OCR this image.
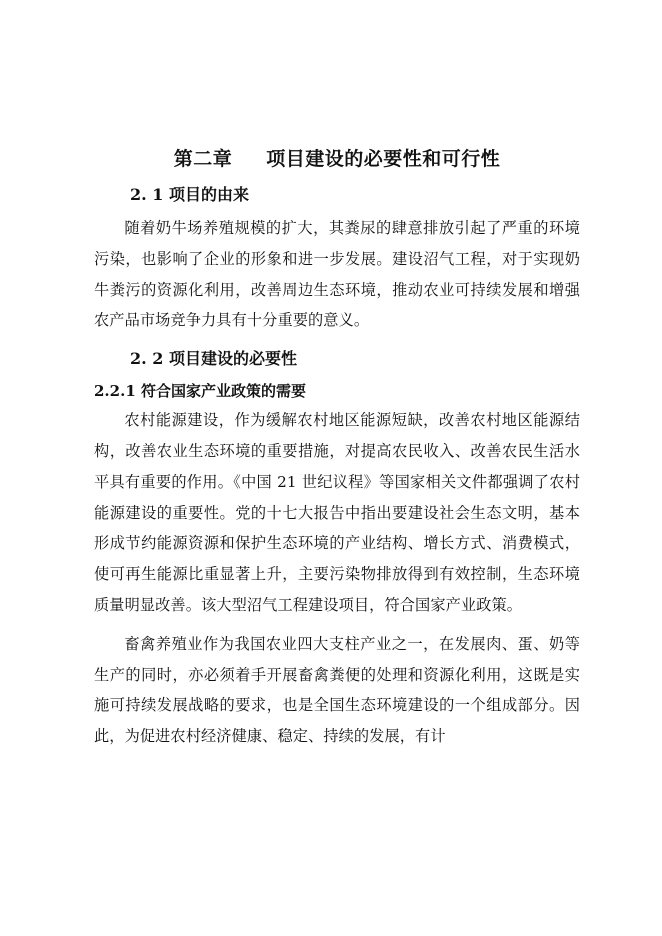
第二章 项目建设的必要性和可行性
2. 1 项目的由来

随着奶牛场养殖规模的扩大，其粪尿的肆意排放引起了严重的环境污染，也影响了企业的形象和进一步发展。建设沼气工程，对于实现奶牛粪污的资源化利用，改善周边生态环境，推动农业可持续发展和增强农产品市场竞争力具有十分重要的意义。

2. 2 项目建设的必要性
2.2.1 符合国家产业政策的需要

农村能源建设，作为缓解农村地区能源短缺，改善农村地区能源结构，改善农业生态环境的重要措施，对提高农民收入、改善农民生活水平具有重要的作用。《中国 21 世纪议程》等国家相关文件都强调了农村能源建设的重要性。党的十七大报告中指出要建设社会生态文明，基本形成节约能源资源和保护生态环境的产业结构、增长方式、消费模式，使可再生能源比重显著上升，主要污染物排放得到有效控制，生态环境质量明显改善。该大型沼气工程建设项目，符合国家产业政策。

畜禽养殖业作为我国农业四大支柱产业之一，在发展肉、蛋、奶等生产的同时，亦必须着手开展畜禽粪便的处理和资源化利用，这既是实施可持续发展战略的要求，也是全国生态环境建设的一个组成部分。因此，为促进农村经济健康、稳定、持续的发展，有计
